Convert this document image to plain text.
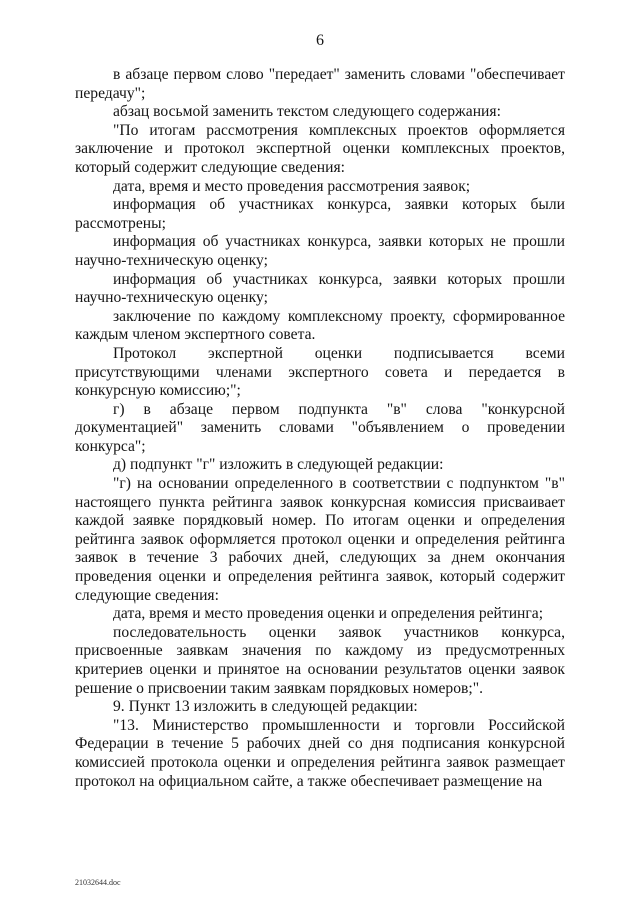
6

в абзаце первом слово "передает" заменить словами "обеспечивает передачу";

абзац восьмой заменить текстом следующего содержания:

"По итогам рассмотрения комплексных проектов оформляется заключение и протокол экспертной оценки комплексных проектов, который содержит следующие сведения:

дата, время и место проведения рассмотрения заявок;

информация об участниках конкурса, заявки которых были рассмотрены;

информация об участниках конкурса, заявки которых не прошли научно-техническую оценку;

информация об участниках конкурса, заявки которых прошли научно-техническую оценку;

заключение по каждому комплексному проекту, сформированное каждым членом экспертного совета.

Протокол экспертной оценки подписывается всеми присутствующими членами экспертного совета и передается в конкурсную комиссию;";

г) в абзаце первом подпункта "в" слова "конкурсной документацией" заменить словами "объявлением о проведении конкурса";

д) подпункт "г" изложить в следующей редакции:

"г) на основании определенного в соответствии с подпунктом "в" настоящего пункта рейтинга заявок конкурсная комиссия присваивает каждой заявке порядковый номер. По итогам оценки и определения рейтинга заявок оформляется протокол оценки и определения рейтинга заявок в течение 3 рабочих дней, следующих за днем окончания проведения оценки и определения рейтинга заявок, который содержит следующие сведения:

дата, время и место проведения оценки и определения рейтинга;

последовательность оценки заявок участников конкурса, присвоенные заявкам значения по каждому из предусмотренных критериев оценки и принятое на основании результатов оценки заявок решение о присвоении таким заявкам порядковых номеров;".

9. Пункт 13 изложить в следующей редакции:

"13. Министерство промышленности и торговли Российской Федерации в течение 5 рабочих дней со дня подписания конкурсной комиссией протокола оценки и определения рейтинга заявок размещает протокол на официальном сайте, а также обеспечивает размещение на

21032644.doc
